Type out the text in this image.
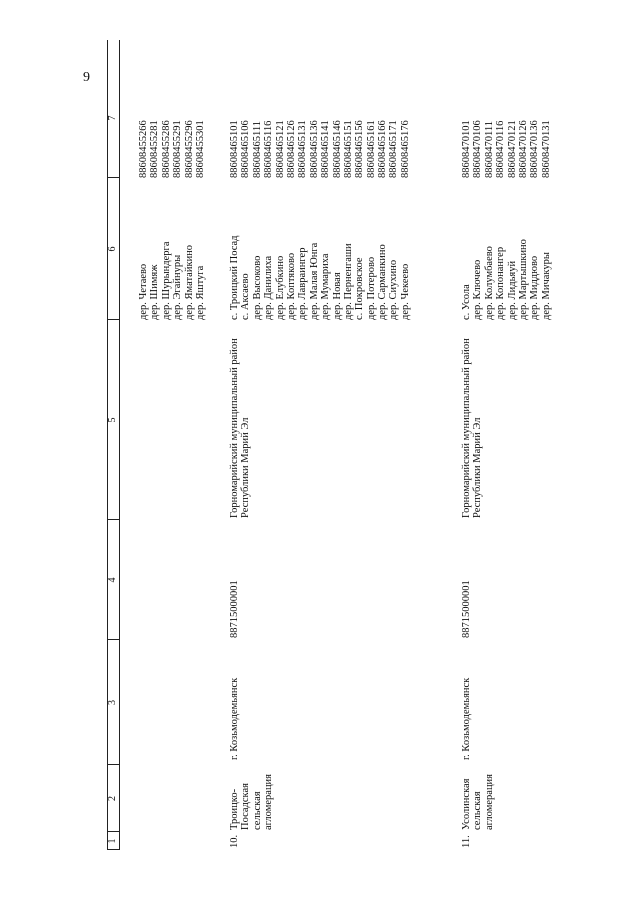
9
1
2
3
4
5
6
7
дер. Четаево дер. Шимяж дер. Шурындерга дер. Эгайнуры дер. Яматайкино дер. Яштуга
88608455266 88608455281 88608455286 88608455291 88608455296 88608455301
10.
Троицко-Посадская сельская агломерация
г. Козьмодемьянск
88715000001
Горномарийский муниципальный район Республики Марий Эл
с. Троицкий Посад с. Аксаево дер. Высоково дер. Данилиха дер. Елубкино дер. Коптяково дер. Лавраингер дер. Малая Юнга дер. Мумариха дер. Новая дер. Перненгаши с. Покровское дер. Потерово дер. Сарманкино дер. Сиухино дер. Чекеево
88608465101 88608465106 88608465111 88608465116 88608465121 88608465126 88608465131 88608465136 88608465141 88608465146 88608465151 88608465156 88608465161 88608465166 88608465171 88608465176
11.
Усолинская сельская агломерация
г. Козьмодемьянск
88715000001
Горномарийский муниципальный район Республики Марий Эл
с. Усола дер. Ключево дер. Колумбаево дер. Копонангер дер. Лидьяуй дер. Мартышкино дер. Миддюво дер. Мичакуры
88608470101 88608470106 88608470111 88608470116 88608470121 88608470126 88608470136 88608470131
